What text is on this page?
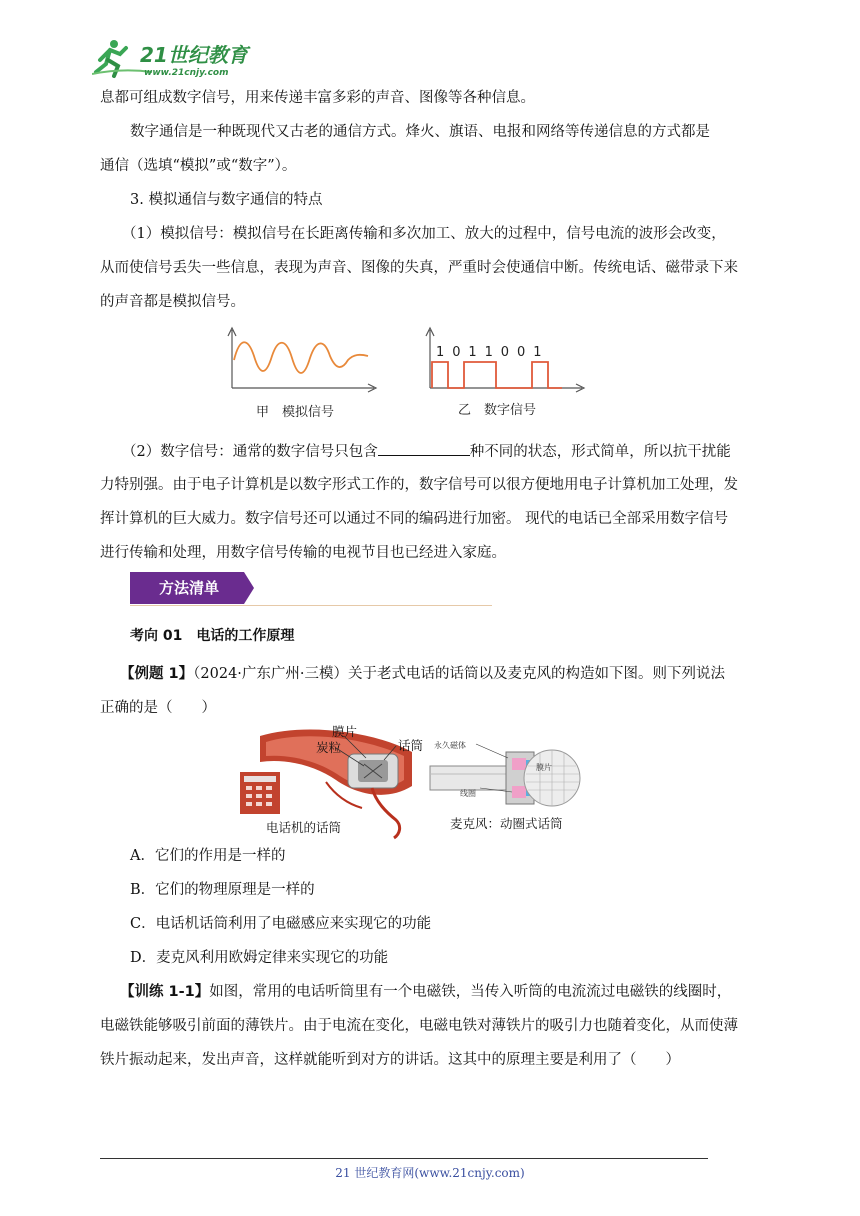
21世纪教育
www.21cnjy.com
息都可组成数字信号，用来传递丰富多彩的声音、图像等各种信息。
数字通信是一种既现代又古老的通信方式。烽火、旗语、电报和网络等传递信息的方式都是
通信（选填“模拟”或“数字”）。
3. 模拟通信与数字通信的特点
（1）模拟信号：模拟信号在长距离传输和多次加工、放大的过程中，信号电流的波形会改变，
从而使信号丢失一些信息，表现为声音、图像的失真，严重时会使通信中断。传统电话、磁带录下来
的声音都是模拟信号。
甲　模拟信号
1 0 1 1 0 0 1
乙　数字信号
（2）数字信号：通常的数字信号只包含	种不同的状态，形式简单，所以抗干扰能
力特别强。由于电子计算机是以数字形式工作的，数字信号可以很方便地用电子计算机加工处理，发
挥计算机的巨大威力。数字信号还可以通过不同的编码进行加密。 现代的电话已全部采用数字信号
进行传输和处理，用数字信号传输的电视节目也已经进入家庭。
方法清单
考向 01　电话的工作原理
【例题 1】（2024·广东广州·三模）关于老式电话的话筒以及麦克风的构造如下图。则下列说法
正确的是（　　）
膜片
炭粒	话筒
电话机的话筒
永久磁体
膜片
线圈
麦克风：动圈式话筒
A．它们的作用是一样的
B．它们的物理原理是一样的
C．电话机话筒利用了电磁感应来实现它的功能
D．麦克风利用欧姆定律来实现它的功能
【训练 1-1】如图，常用的电话听筒里有一个电磁铁，当传入听筒的电流流过电磁铁的线圈时，
电磁铁能够吸引前面的薄铁片。由于电流在变化，电磁电铁对薄铁片的吸引力也随着变化，从而使薄
铁片振动起来，发出声音，这样就能听到对方的讲话。这其中的原理主要是利用了（　　）
21 世纪教育网(www.21cnjy.com)
